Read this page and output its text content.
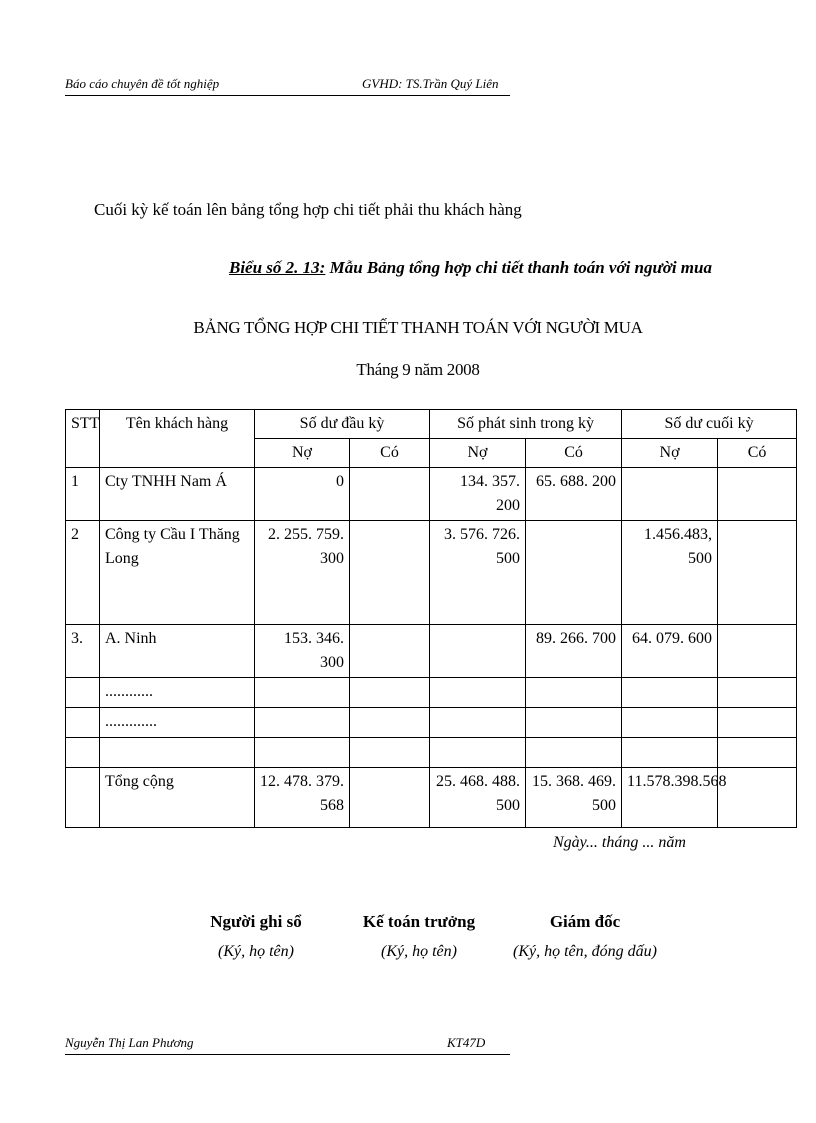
Báo cáo chuyên đề tốt nghiệp	GVHD: TS.Trần Quý Liên
Cuối kỳ kế toán lên bảng tổng hợp chi tiết phải thu khách hàng
Biểu số 2. 13: Mẫu Bảng tổng hợp chi tiết thanh toán với người mua
BẢNG TỔNG HỢP CHI TIẾT THANH TOÁN VỚI NGƯỜI MUA
Tháng 9 năm 2008
STT	Tên khách hàng	Số dư đầu kỳ		Số phát sinh trong kỳ		Số dư cuối kỳ	
		Nợ	Có	Nợ	Có	Nợ	Có
1	Cty TNHH Nam Á	0		134. 357. 200	65. 688. 200		
2	Công ty Cầu I Thăng Long	2. 255. 759. 300		3. 576. 726. 500		1.456.483, 500	
3.	A. Ninh	153. 346. 300			89. 266. 700	64. 079. 600	
	............						
	.............						

	Tổng cộng	12. 478. 379. 568		25. 468. 488. 500	15. 368. 469. 500	11.578.398.568	
Ngày... tháng ... năm
Người ghi sổ
(Ký, họ tên)
Kế toán trưởng
(Ký, họ tên)
Giám đốc
(Ký, họ tên, đóng dấu)
Nguyễn Thị Lan Phương	KT47D
